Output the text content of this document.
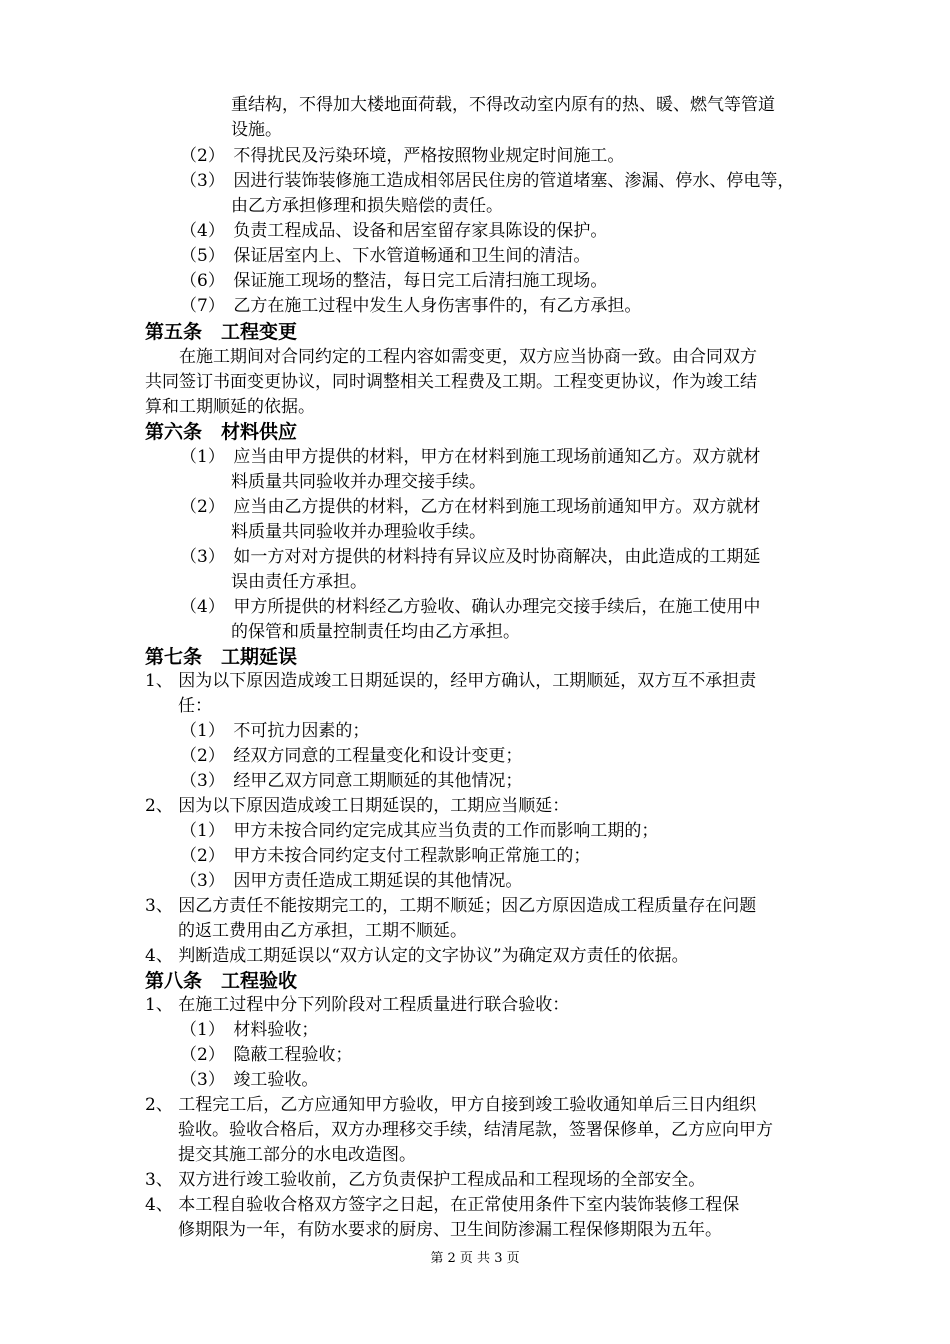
重结构，不得加大楼地面荷载，不得改动室内原有的热、暖、燃气等管道
设施。
（2）　不得扰民及污染环境，严格按照物业规定时间施工。
（3）　因进行装饰装修施工造成相邻居民住房的管道堵塞、渗漏、停水、停电等，
由乙方承担修理和损失赔偿的责任。
（4）　负责工程成品、设备和居室留存家具陈设的保护。
（5）　保证居室内上、下水管道畅通和卫生间的清洁。
（6）　保证施工现场的整洁，每日完工后清扫施工现场。
（7）　乙方在施工过程中发生人身伤害事件的，有乙方承担。
第五条　工程变更
　　在施工期间对合同约定的工程内容如需变更，双方应当协商一致。由合同双方
共同签订书面变更协议，同时调整相关工程费及工期。工程变更协议，作为竣工结
算和工期顺延的依据。
第六条　材料供应
（1）　应当由甲方提供的材料，甲方在材料到施工现场前通知乙方。双方就材
料质量共同验收并办理交接手续。
（2）　应当由乙方提供的材料，乙方在材料到施工现场前通知甲方。双方就材
料质量共同验收并办理验收手续。
（3）　如一方对对方提供的材料持有异议应及时协商解决，由此造成的工期延
误由责任方承担。
（4）　甲方所提供的材料经乙方验收、确认办理完交接手续后，在施工使用中
的保管和质量控制责任均由乙方承担。
第七条　工期延误
1、 因为以下原因造成竣工日期延误的，经甲方确认，工期顺延，双方互不承担责
任：
（1）　不可抗力因素的；
（2）　经双方同意的工程量变化和设计变更；
（3）　经甲乙双方同意工期顺延的其他情况；
2、 因为以下原因造成竣工日期延误的，工期应当顺延：
（1）　甲方未按合同约定完成其应当负责的工作而影响工期的；
（2）　甲方未按合同约定支付工程款影响正常施工的；
（3）　因甲方责任造成工期延误的其他情况。
3、 因乙方责任不能按期完工的，工期不顺延；因乙方原因造成工程质量存在问题
的返工费用由乙方承担，工期不顺延。
4、 判断造成工期延误以“双方认定的文字协议”为确定双方责任的依据。
第八条　工程验收
1、 在施工过程中分下列阶段对工程质量进行联合验收：
（1）　材料验收；
（2）　隐蔽工程验收；
（3）　竣工验收。
2、 工程完工后，乙方应通知甲方验收，甲方自接到竣工验收通知单后三日内组织
验收。验收合格后，双方办理移交手续，结清尾款，签署保修单，乙方应向甲方
提交其施工部分的水电改造图。
3、 双方进行竣工验收前，乙方负责保护工程成品和工程现场的全部安全。
4、 本工程自验收合格双方签字之日起，在正常使用条件下室内装饰装修工程保
修期限为一年，有防水要求的厨房、卫生间防渗漏工程保修期限为五年。
第 2 页 共 3 页
